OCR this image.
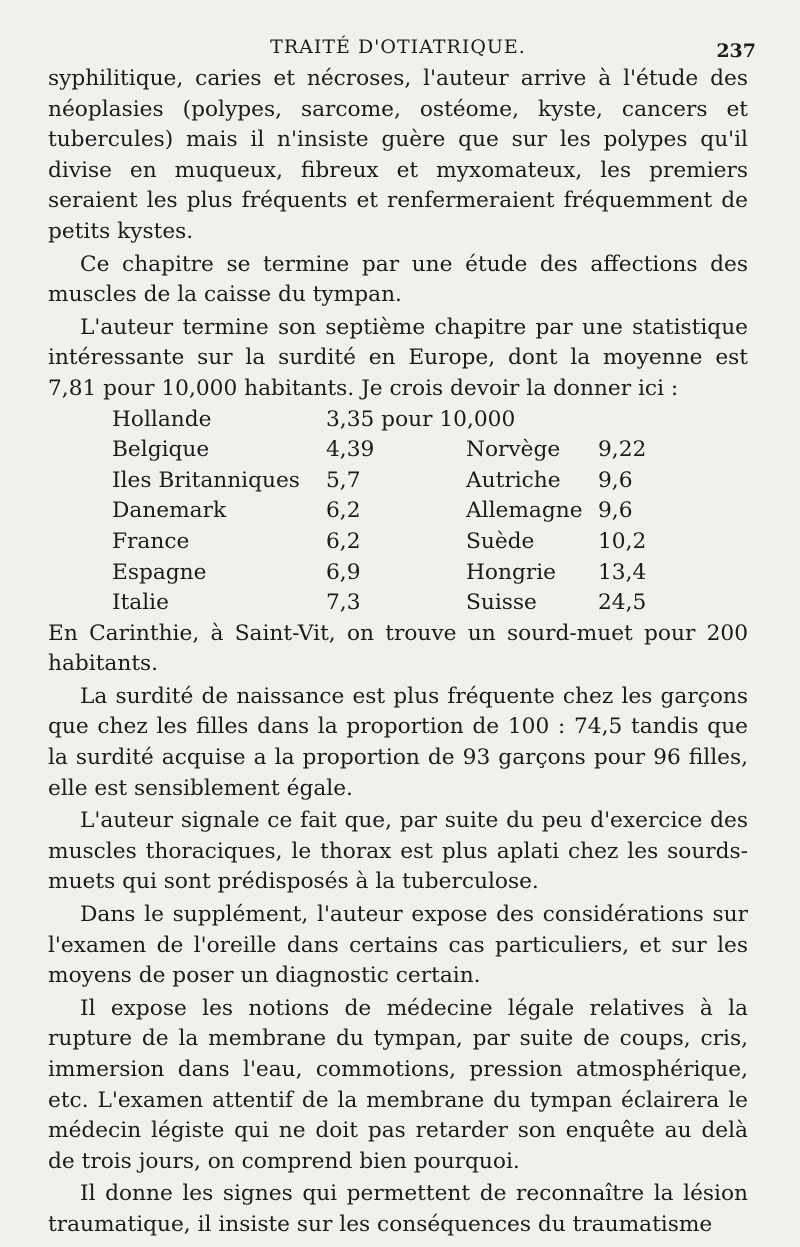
TRAITÉ D'OTIATRIQUE.	237

syphilitique, caries et nécroses, l'auteur arrive à l'étude des néoplasies (polypes, sarcome, ostéome, kyste, cancers et tubercules) mais il n'insiste guère que sur les polypes qu'il divise en muqueux, fibreux et myxomateux, les premiers seraient les plus fréquents et renfermeraient fréquemment de petits kystes.

Ce chapitre se termine par une étude des affections des muscles de la caisse du tympan.

L'auteur termine son septième chapitre par une statistique intéressante sur la surdité en Europe, dont la moyenne est 7,81 pour 10,000 habitants. Je crois devoir la donner ici :

Hollande	3,35 pour 10,000		
Belgique	4,39	Norvège	9,22
Iles Britanniques	5,7	Autriche	9,6
Danemark	6,2	Allemagne	9,6
France	6,2	Suède	10,2
Espagne	6,9	Hongrie	13,4
Italie	7,3	Suisse	24,5

En Carinthie, à Saint-Vit, on trouve un sourd-muet pour 200 habitants.

La surdité de naissance est plus fréquente chez les garçons que chez les filles dans la proportion de 100 : 74,5 tandis que la surdité acquise a la proportion de 93 garçons pour 96 filles, elle est sensiblement égale.

L'auteur signale ce fait que, par suite du peu d'exercice des muscles thoraciques, le thorax est plus aplati chez les sourds-muets qui sont prédisposés à la tuberculose.

Dans le supplément, l'auteur expose des considérations sur l'examen de l'oreille dans certains cas particuliers, et sur les moyens de poser un diagnostic certain.

Il expose les notions de médecine légale relatives à la rupture de la membrane du tympan, par suite de coups, cris, immersion dans l'eau, commotions, pression atmosphérique, etc. L'examen attentif de la membrane du tympan éclairera le médecin légiste qui ne doit pas retarder son enquête au delà de trois jours, on comprend bien pourquoi.

Il donne les signes qui permettent de reconnaître la lésion traumatique, il insiste sur les conséquences du traumatisme
